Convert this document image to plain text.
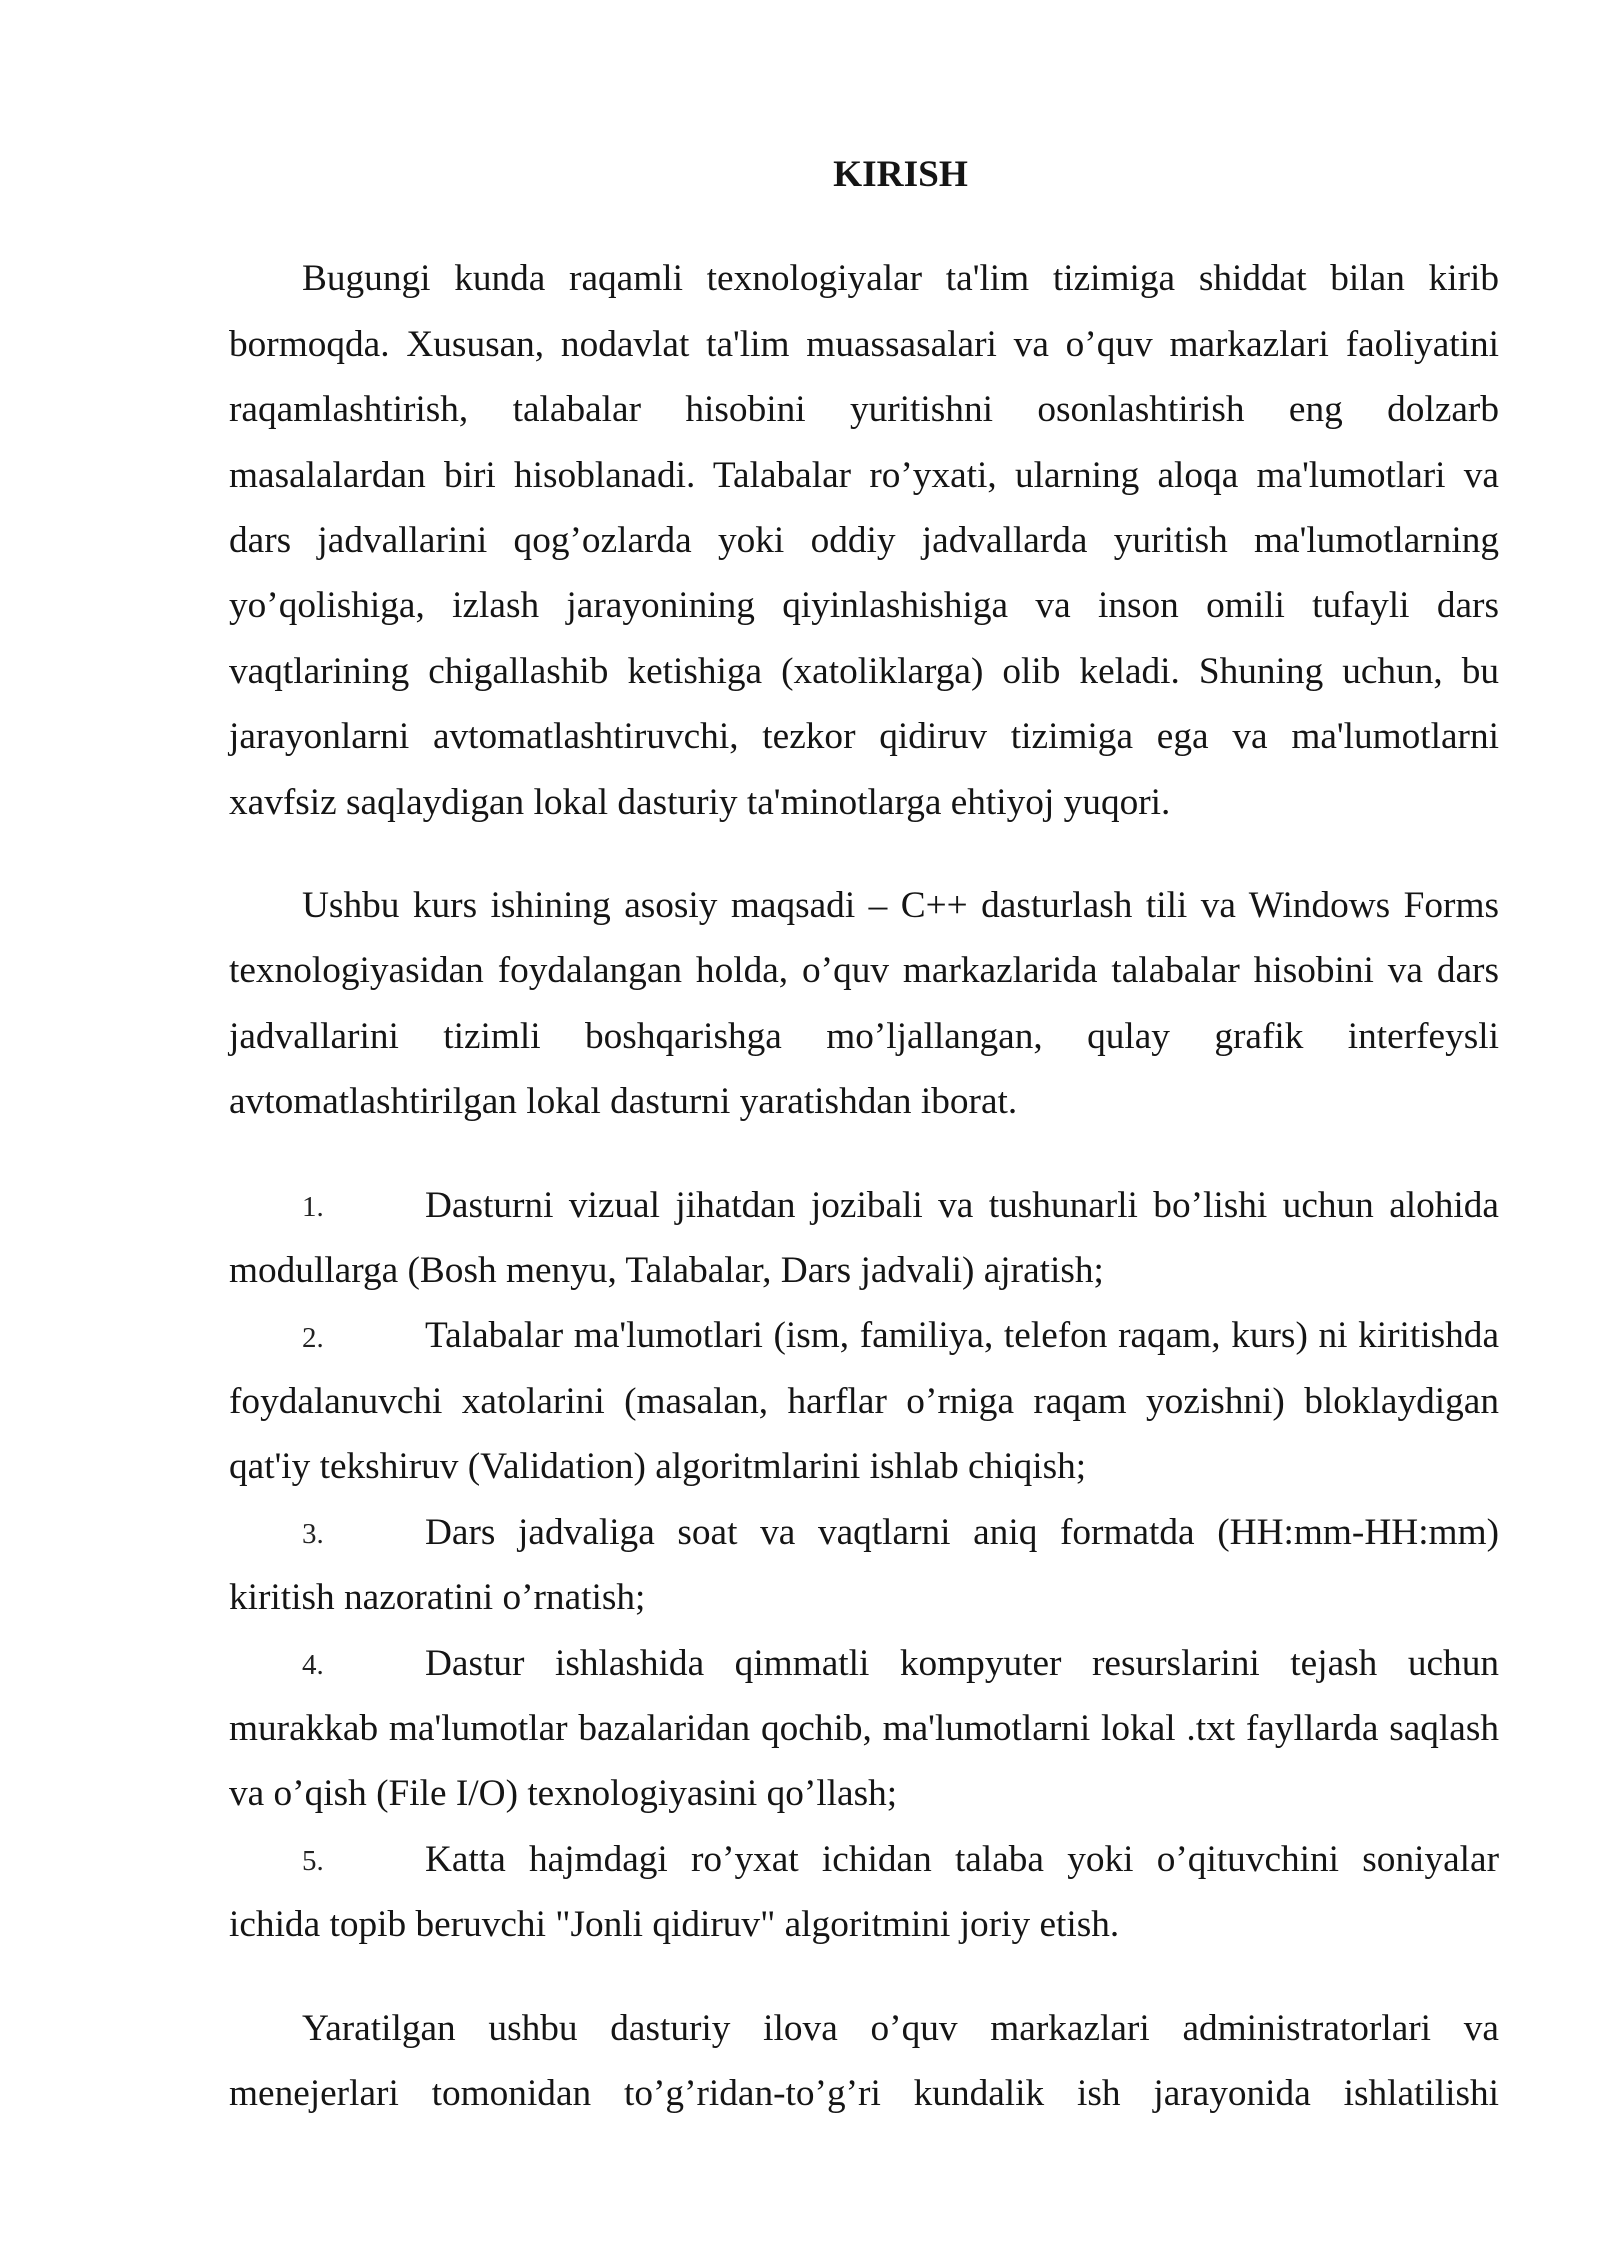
KIRISH
Bugungi kunda raqamli texnologiyalar ta'lim tizimiga shiddat bilan kirib
bormoqda. Xususan, nodavlat ta'lim muassasalari va o’quv markazlari faoliyatini
raqamlashtirish, talabalar hisobini yuritishni osonlashtirish eng dolzarb
masalalardan biri hisoblanadi. Talabalar ro’yxati, ularning aloqa ma'lumotlari va
dars jadvallarini qog’ozlarda yoki oddiy jadvallarda yuritish ma'lumotlarning
yo’qolishiga, izlash jarayonining qiyinlashishiga va inson omili tufayli dars
vaqtlarining chigallashib ketishiga (xatoliklarga) olib keladi. Shuning uchun, bu
jarayonlarni avtomatlashtiruvchi, tezkor qidiruv tizimiga ega va ma'lumotlarni
xavfsiz saqlaydigan lokal dasturiy ta'minotlarga ehtiyoj yuqori.
Ushbu kurs ishining asosiy maqsadi – C++ dasturlash tili va Windows Forms
texnologiyasidan foydalangan holda, o’quv markazlarida talabalar hisobini va dars
jadvallarini tizimli boshqarishga mo’ljallangan, qulay grafik interfeysli
avtomatlashtirilgan lokal dasturni yaratishdan iborat.
1.	Dasturni vizual jihatdan jozibali va tushunarli bo’lishi uchun alohida
modullarga (Bosh menyu, Talabalar, Dars jadvali) ajratish;
2.	Talabalar ma'lumotlari (ism, familiya, telefon raqam, kurs) ni kiritishda
foydalanuvchi xatolarini (masalan, harflar o’rniga raqam yozishni) bloklaydigan
qat'iy tekshiruv (Validation) algoritmlarini ishlab chiqish;
3.	Dars jadvaliga soat va vaqtlarni aniq formatda (HH:mm-HH:mm)
kiritish nazoratini o’rnatish;
4.	Dastur ishlashida qimmatli kompyuter resurslarini tejash uchun
murakkab ma'lumotlar bazalaridan qochib, ma'lumotlarni lokal .txt fayllarda saqlash
va o’qish (File I/O) texnologiyasini qo’llash;
5.	Katta hajmdagi ro’yxat ichidan talaba yoki o’qituvchini soniyalar
ichida topib beruvchi "Jonli qidiruv" algoritmini joriy etish.
Yaratilgan ushbu dasturiy ilova o’quv markazlari administratorlari va
menejerlari tomonidan to’g’ridan-to’g’ri kundalik ish jarayonida ishlatilishi
